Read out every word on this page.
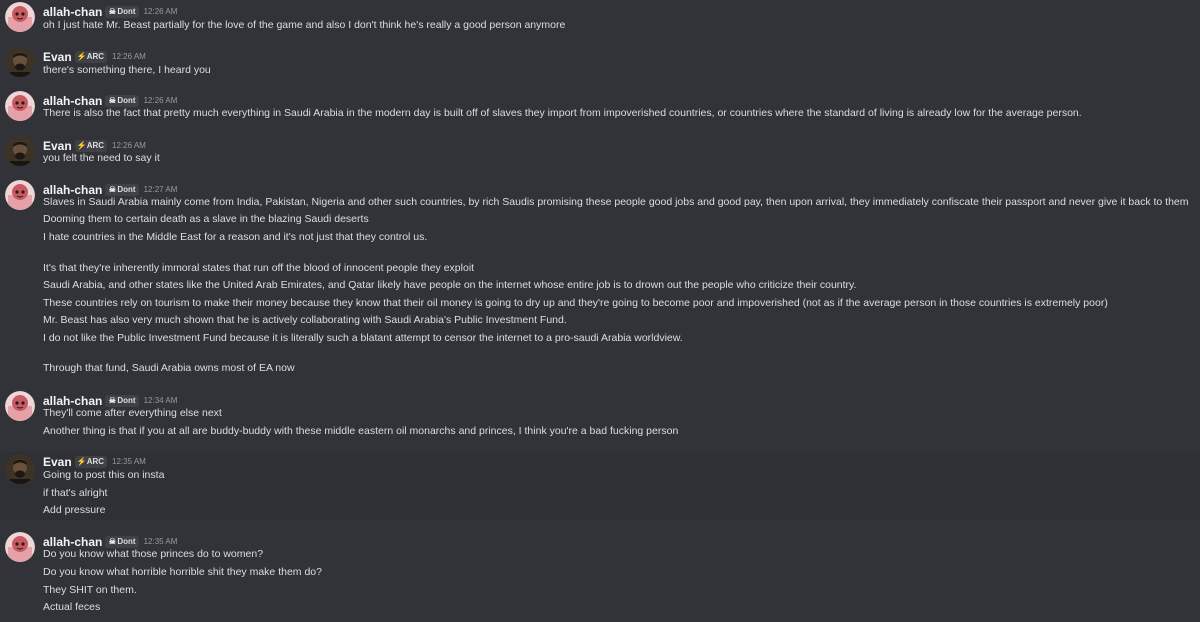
allah-chan ☠Dont 12:26 AM
oh I just hate Mr. Beast partially for the love of the game and also I don't think he's really a good person anymore
Evan ⚡ARC 12:26 AM
there's something there, I heard you
allah-chan ☠Dont 12:26 AM
There is also the fact that pretty much everything in Saudi Arabia in the modern day is built off of slaves they import from impoverished countries, or countries where the standard of living is already low for the average person.
Evan ⚡ARC 12:26 AM
you felt the need to say it
allah-chan ☠Dont 12:27 AM
Slaves in Saudi Arabia mainly come from India, Pakistan, Nigeria and other such countries, by rich Saudis promising these people good jobs and good pay, then upon arrival, they immediately confiscate their passport and never give it back to them
Dooming them to certain death as a slave in the blazing Saudi deserts
I hate countries in the Middle East for a reason and it's not just that they control us.
It's that they're inherently immoral states that run off the blood of innocent people they exploit
Saudi Arabia, and other states like the United Arab Emirates, and Qatar likely have people on the internet whose entire job is to drown out the people who criticize their country.
These countries rely on tourism to make their money because they know that their oil money is going to dry up and they're going to become poor and impoverished (not as if the average person in those countries is extremely poor)
Mr. Beast has also very much shown that he is actively collaborating with Saudi Arabia's Public Investment Fund.
I do not like the Public Investment Fund because it is literally such a blatant attempt to censor the internet to a pro-saudi Arabia worldview.
Through that fund, Saudi Arabia owns most of EA now
allah-chan ☠Dont 12:34 AM
They'll come after everything else next
Another thing is that if you at all are buddy-buddy with these middle eastern oil monarchs and princes, I think you're a bad fucking person
Evan ⚡ARC 12:35 AM
Going to post this on insta
if that's alright
Add pressure
allah-chan ☠Dont 12:35 AM
Do you know what those princes do to women?
Do you know what horrible horrible shit they make them do?
They SHIT on them.
Actual feces
